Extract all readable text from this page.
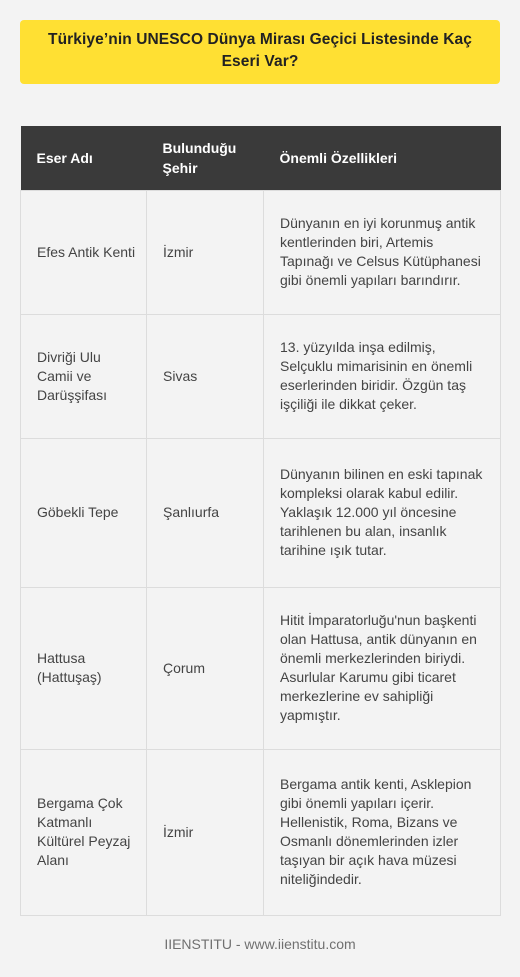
Türkiye’nin UNESCO Dünya Mirası Geçici Listesinde Kaç Eseri Var?
Eser Adı	Bulunduğu Şehir	Önemli Özellikleri
Efes Antik Kenti	İzmir	Dünyanın en iyi korunmuş antik kentlerinden biri, Artemis Tapınağı ve Celsus Kütüphanesi gibi önemli yapıları barındırır.
Divriği Ulu Camii ve Darüşşifası	Sivas	13. yüzyılda inşa edilmiş, Selçuklu mimarisinin en önemli eserlerinden biridir. Özgün taş işçiliği ile dikkat çeker.
Göbekli Tepe	Şanlıurfa	Dünyanın bilinen en eski tapınak kompleksi olarak kabul edilir. Yaklaşık 12.000 yıl öncesine tarihlenen bu alan, insanlık tarihine ışık tutar.
Hattusa (Hattuşaş)	Çorum	Hitit İmparatorluğu'nun başkenti olan Hattusa, antik dünyanın en önemli merkezlerinden biriydi. Asurlular Karumu gibi ticaret merkezlerine ev sahipliği yapmıştır.
Bergama Çok Katmanlı Kültürel Peyzaj Alanı	İzmir	Bergama antik kenti, Asklepion gibi önemli yapıları içerir. Hellenistik, Roma, Bizans ve Osmanlı dönemlerinden izler taşıyan bir açık hava müzesi niteliğindedir.
IIENSTITU - www.iienstitu.com
